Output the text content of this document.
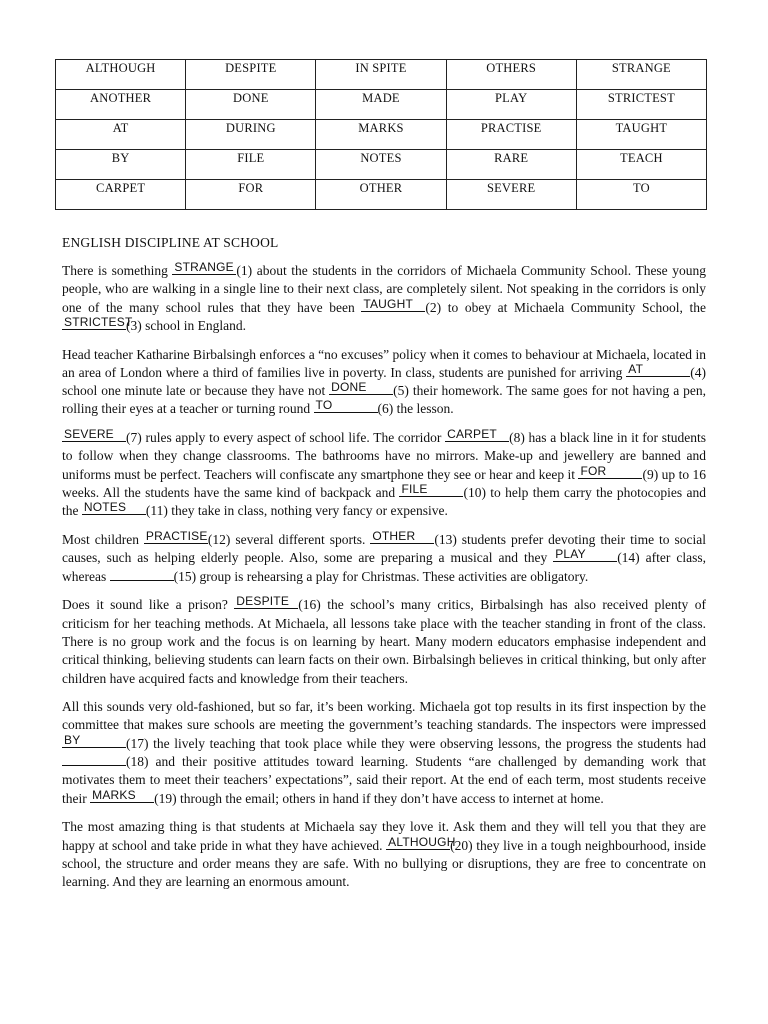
ALTHOUGH	DESPITE	IN SPITE	OTHERS	STRANGE
ANOTHER	DONE	MADE	PLAY	STRICTEST
AT	DURING	MARKS	PRACTISE	TAUGHT
BY	FILE	NOTES	RARE	TEACH
CARPET	FOR	OTHER	SEVERE	TO
ENGLISH DISCIPLINE AT SCHOOL

There is something STRANGE (1) about the students in the corridors of Michaela Community School. These young people, who are walking in a single line to their next class, are completely silent. Not speaking in the corridors is only one of the many school rules that they have been TAUGHT (2) to obey at Michaela Community School, the
STRICTEST
(3) school in England.

Head teacher Katharine Birbalsingh enforces a “no excuses” policy when it comes to behaviour at Michaela, located in an area of London where a third of families live in poverty. In class, students are punished for arriving AT	(4) school one minute late or because they have not DONE (5) their homework. The same goes for not having a pen, rolling their eyes at a teacher or turning round TO	(6) the lesson.

SEVERE (7) rules apply to every aspect of school life. The corridor CARPET (8) has a black line in it for students to follow when they change classrooms. The bathrooms have no mirrors. Make-up and jewellery are banned and uniforms must be perfect. Teachers will confiscate any smartphone they see or hear and keep it FOR	(9) up to 16 weeks. All the students have the same kind of backpack and FILE	(10) to help them carry the photocopies and the NOTES (11) they take in class, nothing very fancy or expensive.

Most children PRACTISE (12) several different sports. OTHER (13) students prefer devoting their time to social causes, such as helping elderly people. Also, some are preparing a musical and they PLAY (14) after class, whereas	(15) group is rehearsing a play for Christmas. These activities are obligatory.

Does it sound like a prison? DESPITE (16) the school’s many critics, Birbalsingh has also received plenty of criticism for her teaching methods. At Michaela, all lessons take place with the teacher standing in front of the class. There is no group work and the focus is on learning by heart. Many modern educators emphasise independent and critical thinking, believing students can learn facts on their own. Birbalsingh believes in critical thinking, but only after children have acquired facts and knowledge from their teachers.

All this sounds very old-fashioned, but so far, it’s been working. Michaela got top results in its first inspection by the committee that makes sure schools are meeting the government’s teaching standards. The inspectors were impressed
BY	(17) the lively teaching that took place while they were observing lessons, the progress the students had
(18) and their positive attitudes toward learning. Students “are challenged by demanding work that motivates them to meet their teachers’ expectations”, said their report. At the end of each term, most students receive their MARKS (19) through the email; others in hand if they don’t have access to internet at home.

The most amazing thing is that students at Michaela say they love it. Ask them and they will tell you that they are happy at school and take pride in what they have achieved. ALTHOUGH
(20) they live in a tough neighbourhood, inside school, the structure and order means they are safe. With no bullying or disruptions, they are free to concentrate on learning. And they are learning an enormous amount.
